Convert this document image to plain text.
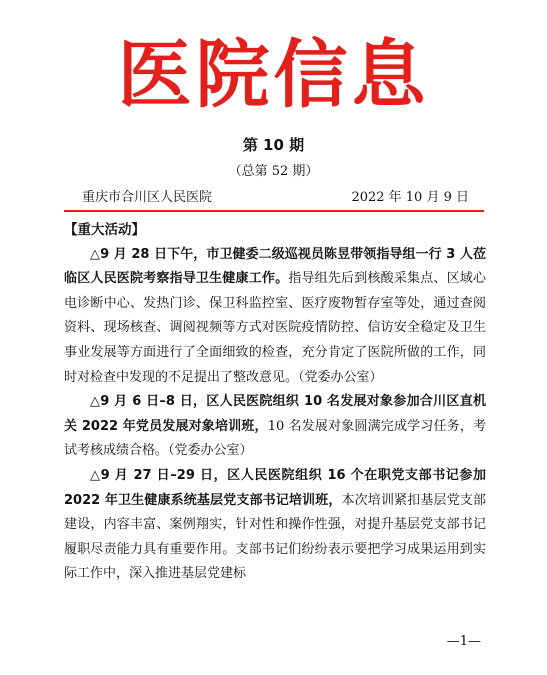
医院信息
第 10 期
（总第 52 期）
重庆市合川区人民医院	2022 年 10 月 9 日
【重大活动】

△9 月 28 日下午，市卫健委二级巡视员陈昱带领指导组一行 3 人莅临区人民医院考察指导卫生健康工作。指导组先后到核酸采集点、区域心电诊断中心、发热门诊、保卫科监控室、医疗废物暂存室等处，通过查阅资料、现场核查、调阅视频等方式对医院疫情防控、信访安全稳定及卫生事业发展等方面进行了全面细致的检查，充分肯定了医院所做的工作，同时对检查中发现的不足提出了整改意见。（党委办公室）

△9 月 6 日–8 日，区人民医院组织 10 名发展对象参加合川区直机关 2022 年党员发展对象培训班，10 名发展对象圆满完成学习任务，考试考核成绩合格。（党委办公室）

△9 月 27 日–29 日，区人民医院组织 16 个在职党支部书记参加 2022 年卫生健康系统基层党支部书记培训班，本次培训紧扣基层党支部建设，内容丰富、案例翔实，针对性和操作性强，对提升基层党支部书记履职尽责能力具有重要作用。支部书记们纷纷表示要把学习成果运用到实际工作中，深入推进基层党建标

—1—
